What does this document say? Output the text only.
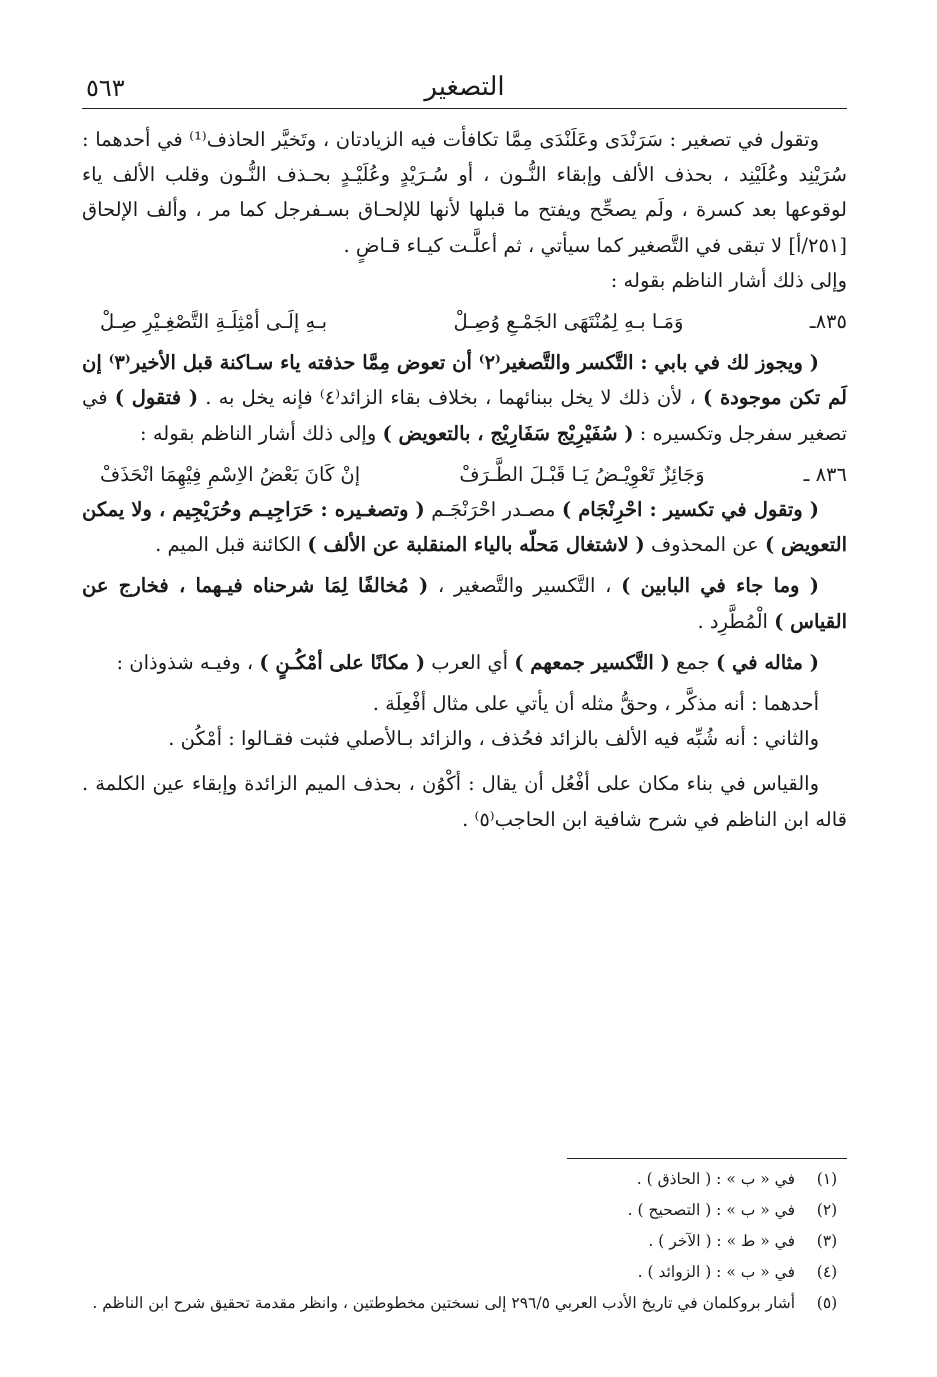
٥٦٣	التصغير

وتقول في تصغير : سَرَنْدَى وعَلَنْدَى مِمَّا تكافأت فيه الزيادتان ، وتَخيَّر الحاذف⁽¹⁾ في أحدهما : سُرَيْنِد وعُلَيْنِد ، بحذف الألف وإبقاء النُّـون ، أو سُـرَيْدٍ وعُلَيْـدٍ بحـذف النُّـون وقلب الألف ياء لوقوعها بعد كسرة ، ولَم يصحِّح ويفتح ما قبلها لأنها للإلحـاق بسـفرجل كما مر ، وألف الإلحاق [٢٥١/أ] لا تبقى في التَّصغير كما سيأتي ، ثم أعلَّـت كيـاء قـاضٍ .

وإلى ذلك أشار الناظم بقوله :

٨٣٥ـ
وَمَـا بـهِ لِمُنْتَهَى الجَمْـعِ وُصِـلْ
بـهِ إلَـى أمْثِلَـةِ التَّصْغِـيْرِ صِـلْ

( ويجوز لك في بابي : التَّكسر والتَّصغير⁽٢⁾ أن تعوض مِمَّا حذفته ياء سـاكنة قبل الأخير⁽٣⁾ إن لَم تكن موجودة ) ، لأن ذلك لا يخل ببنائهما ، بخلاف بقاء الزائد⁽٤⁾ فإنه يخل به . ( فتقول ) في تصغير سفرجل وتكسيره : ( سُفَيْرِيْج سَفَارِيْج ، بالتعويض ) وإلى ذلك أشار الناظم بقوله :

٨٣٦ ـ
وَجَائِزٌ تَعْوِيْـضُ يَـا قَبْـلَ الطَّـرَفْ
إنْ كَانَ بَعْضُ الاِسْمِ فِيْهِمَا انْحَذَفْ

( وتقول في تكسير : احْرِنْجَام ) مصـدر احْرَنْجَـم ( وتصغـيره : حَرَاجِيـم وحُرَيْجِيم ، ولا يمكن التعويض ) عن المحذوف ( لاشتغال مَحلّه بالياء المنقلبة عن الألف ) الكائنة قبل الميم .

( وما جاء في البابين ) ، التَّكسير والتَّصغير ، ( مُخالفًا لِمَا شرحناه فيـهما ، فخارج عن القياس ) الْمُطَّرِد .

( مثاله في ) جمع ( التَّكسير جمعهم ) أي العرب ( مكانًا على أمْكُـنٍ ) ، وفيـه شذوذان :

أحدهما : أنه مذكَّر ، وحقُّ مثله أن يأتي على مثال أفْعِلَة .

والثاني : أنه شُبِّه فيه الألف بالزائد فحُذف ، والزائد بـالأصلي فثبت فقـالوا : أمْكُن .

والقياس في بناء مكان على أفْعُل أن يقال : أكْوُن ، بحذف الميم الزائدة وإبقاء عين الكلمة . قاله ابن الناظم في شرح شافية ابن الحاجب⁽٥⁾ .

(١)
في « ب » : ( الحاذق ) .
(٢)
في « ب » : ( التصحيح ) .
(٣)
في « ط » : ( الآخر ) .
(٤)
في « ب » : ( الزوائد ) .
(٥)
أشار بروكلمان في تاريخ الأدب العربي ٢٩٦/٥ إلى نسختين مخطوطتين ، وانظر مقدمة تحقيق شرح ابن الناظم .
